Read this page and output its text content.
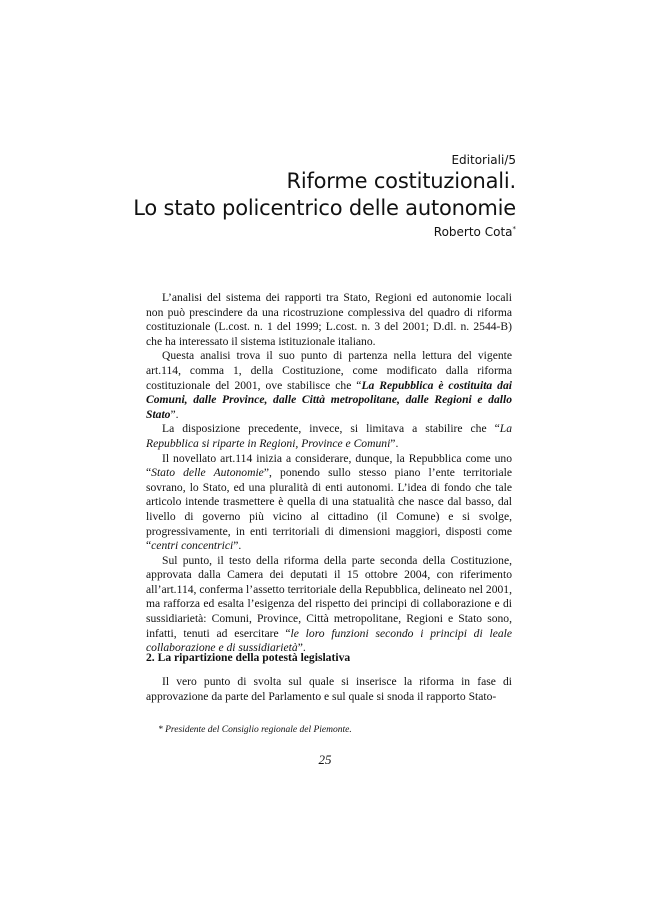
Editoriali/5
Riforme costituzionali.
Lo stato policentrico delle autonomie
Roberto Cota*

L’analisi del sistema dei rapporti tra Stato, Regioni ed autonomie locali non può prescindere da una ricostruzione complessiva del quadro di riforma costituzionale (L.cost. n. 1 del 1999; L.cost. n. 3 del 2001; D.dl. n. 2544-B) che ha interessato il sistema istituzionale italiano.

Questa analisi trova il suo punto di partenza nella lettura del vigente art.114, comma 1, della Costituzione, come modificato dalla riforma costituzionale del 2001, ove stabilisce che “La Repubblica è costituita dai Comuni, dalle Province, dalle Città metropolitane, dalle Regioni e dallo Stato”.

La disposizione precedente, invece, si limitava a stabilire che “La Repubblica si riparte in Regioni, Province e Comuni”.

Il novellato art.114 inizia a considerare, dunque, la Repubblica come uno “Stato delle Autonomie”, ponendo sullo stesso piano l’ente territoriale sovrano, lo Stato, ed una pluralità di enti autonomi. L’idea di fondo che tale articolo intende trasmettere è quella di una statualità che nasce dal basso, dal livello di governo più vicino al cittadino (il Comune) e si svolge, progressivamente, in enti territoriali di dimensioni maggiori, disposti come “centri concentrici”.

Sul punto, il testo della riforma della parte seconda della Costituzione, approvata dalla Camera dei deputati il 15 ottobre 2004, con riferimento all’art.114, conferma l’assetto territoriale della Repubblica, delineato nel 2001, ma rafforza ed esalta l’esigenza del rispetto dei principi di collaborazione e di sussidiarietà: Comuni, Province, Città metropolitane, Regioni e Stato sono, infatti, tenuti ad esercitare “le loro funzioni secondo i principi di leale collaborazione e di sussidiarietà”.

2. La ripartizione della potestà legislativa

Il vero punto di svolta sul quale si inserisce la riforma in fase di approvazione da parte del Parlamento e sul quale si snoda il rapporto Stato-

* Presidente del Consiglio regionale del Piemonte.
25
